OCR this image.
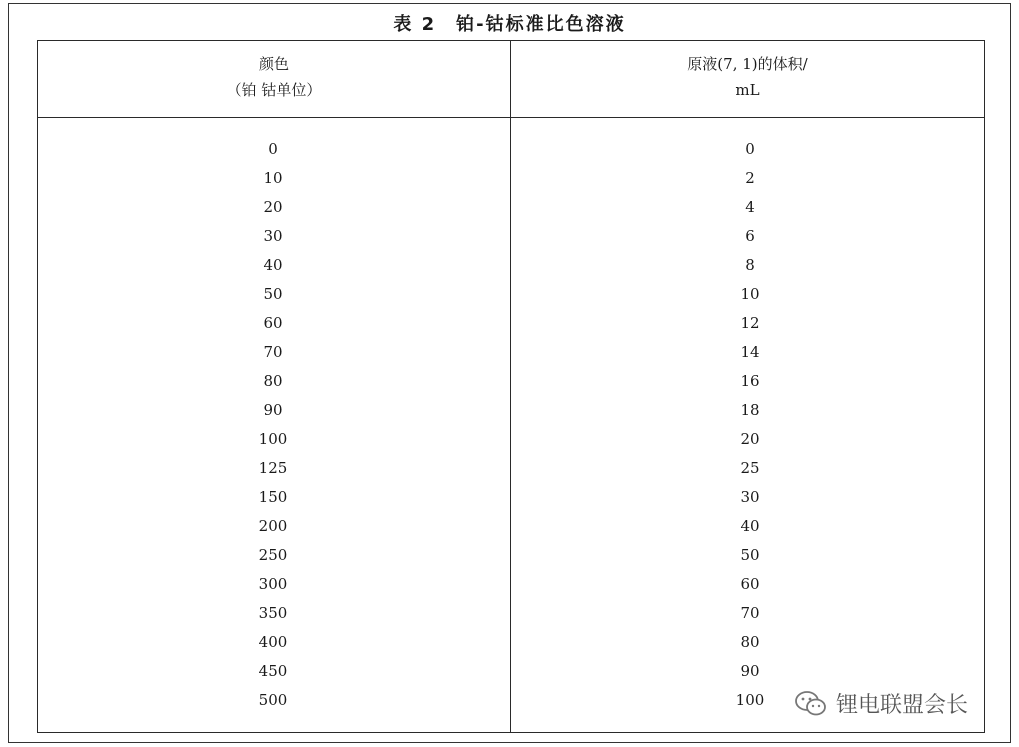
表 2　铂-钴标准比色溶液
颜色
（铂 钴单位）
原液(7, 1)的体积/
mL
0
10
20
30
40
50
60
70
80
90
100
125
150
200
250
300
350
400
450
500
0
2
4
6
8
10
12
14
16
18
20
25
30
40
50
60
70
80
90
100	锂电联盟会长
